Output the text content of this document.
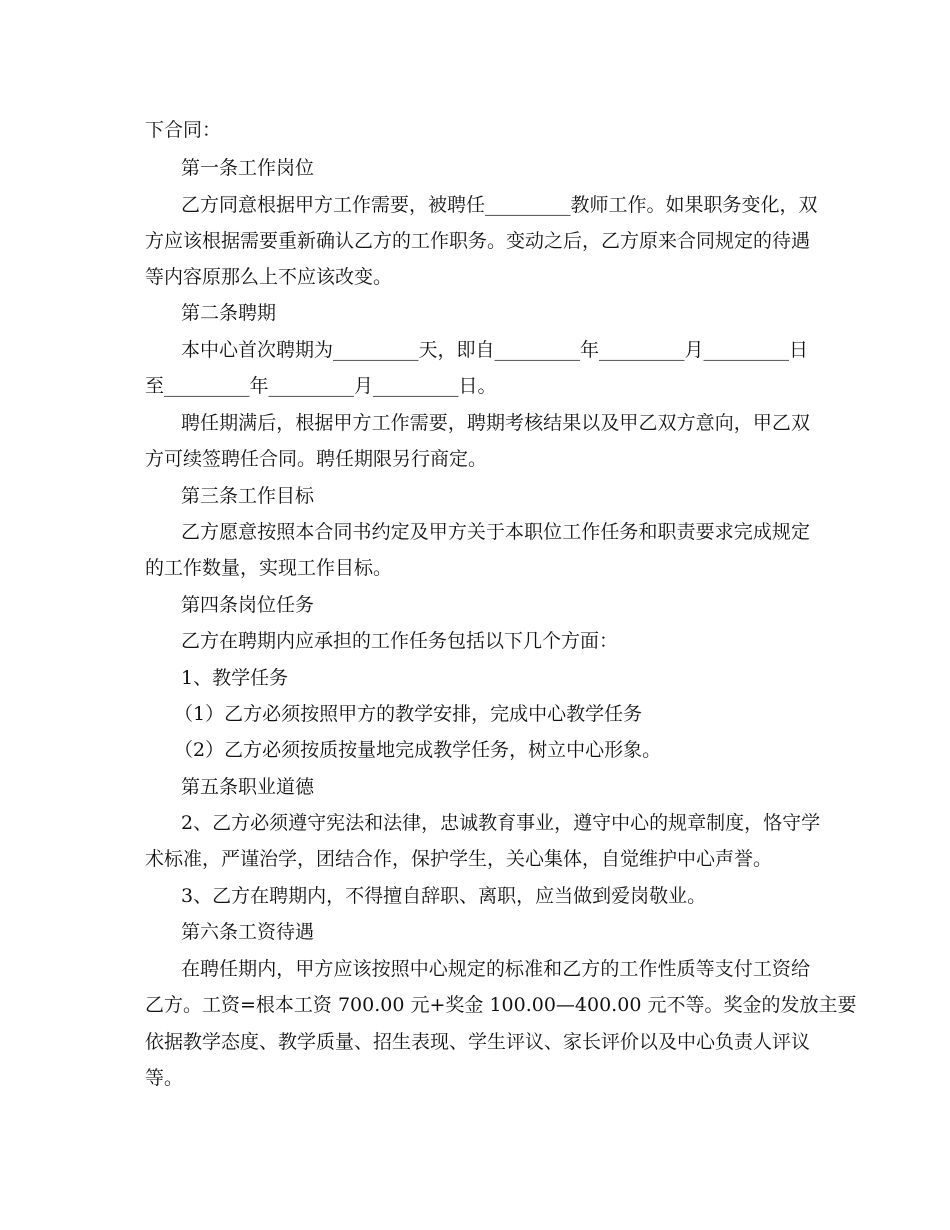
下合同：
第一条工作岗位
乙方同意根据甲方工作需要，被聘任_________教师工作。如果职务变化，双
方应该根据需要重新确认乙方的工作职务。变动之后，乙方原来合同规定的待遇
等内容原那么上不应该改变。
第二条聘期
本中心首次聘期为_________天，即自_________年_________月_________日
至_________年_________月_________日。
聘任期满后，根据甲方工作需要，聘期考核结果以及甲乙双方意向，甲乙双
方可续签聘任合同。聘任期限另行商定。
第三条工作目标
乙方愿意按照本合同书约定及甲方关于本职位工作任务和职责要求完成规定
的工作数量，实现工作目标。
第四条岗位任务
乙方在聘期内应承担的工作任务包括以下几个方面：
1、教学任务
（1）乙方必须按照甲方的教学安排，完成中心教学任务
（2）乙方必须按质按量地完成教学任务，树立中心形象。
第五条职业道德
2、乙方必须遵守宪法和法律，忠诚教育事业，遵守中心的规章制度，恪守学
术标准，严谨治学，团结合作，保护学生，关心集体，自觉维护中心声誉。
3、乙方在聘期内，不得擅自辞职、离职，应当做到爱岗敬业。
第六条工资待遇
在聘任期内，甲方应该按照中心规定的标准和乙方的工作性质等支付工资给
乙方。工资=根本工资 700.00 元+奖金 100.00—400.00 元不等。奖金的发放主要
依据教学态度、教学质量、招生表现、学生评议、家长评价以及中心负责人评议
等。
